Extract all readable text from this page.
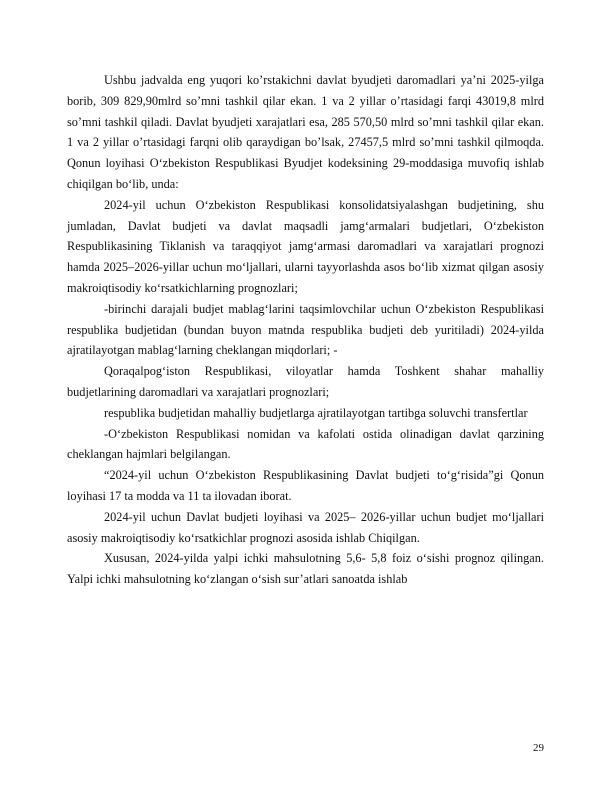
Ushbu jadvalda eng yuqori ko’rstakichni davlat byudjeti daromadlari ya’ni 2025-yilga borib, 309 829,90mlrd so’mni tashkil qilar ekan. 1 va 2 yillar o’rtasidagi farqi 43019,8 mlrd so’mni tashkil qiladi. Davlat byudjeti xarajatlari esa, 285 570,50 mlrd so’mni tashkil qilar ekan. 1 va 2 yillar o’rtasidagi farqni olib qaraydigan bo’lsak, 27457,5 mlrd so’mni tashkil qilmoqda. Qonun loyihasi O‘zbekiston Respublikasi Byudjet kodeksining 29-moddasiga muvofiq ishlab chiqilgan bo‘lib, unda:

2024-yil uchun O‘zbekiston Respublikasi konsolidatsiyalashgan budjetining, shu jumladan, Davlat budjeti va davlat maqsadli jamg‘armalari budjetlari, O‘zbekiston Respublikasining Tiklanish va taraqqiyot jamg‘armasi daromadlari va xarajatlari prognozi hamda 2025–2026-yillar uchun mo‘ljallari, ularni tayyorlashda asos bo‘lib xizmat qilgan asosiy makroiqtisodiy ko‘rsatkichlarning prognozlari;

-birinchi darajali budjet mablag‘larini taqsimlovchilar uchun O‘zbekiston Respublikasi respublika budjetidan (bundan buyon matnda respublika budjeti deb yuritiladi) 2024-yilda ajratilayotgan mablag‘larning cheklangan miqdorlari; -

Qoraqalpog‘iston Respublikasi, viloyatlar hamda Toshkent shahar mahalliy budjetlarining daromadlari va xarajatlari prognozlari;

respublika budjetidan mahalliy budjetlarga ajratilayotgan tartibga soluvchi transfertlar

-O‘zbekiston Respublikasi nomidan va kafolati ostida olinadigan davlat qarzining cheklangan hajmlari belgilangan.

“2024-yil uchun O‘zbekiston Respublikasining Davlat budjeti to‘g‘risida”gi Qonun loyihasi 17 ta modda va 11 ta ilovadan iborat.

2024-yil uchun Davlat budjeti loyihasi va 2025– 2026-yillar uchun budjet mo‘ljallari asosiy makroiqtisodiy ko‘rsatkichlar prognozi asosida ishlab Chiqilgan.

Xususan, 2024-yilda yalpi ichki mahsulotning 5,6- 5,8 foiz o‘sishi prognoz qilingan. Yalpi ichki mahsulotning ko‘zlangan o‘sish sur’atlari sanoatda ishlab

29
